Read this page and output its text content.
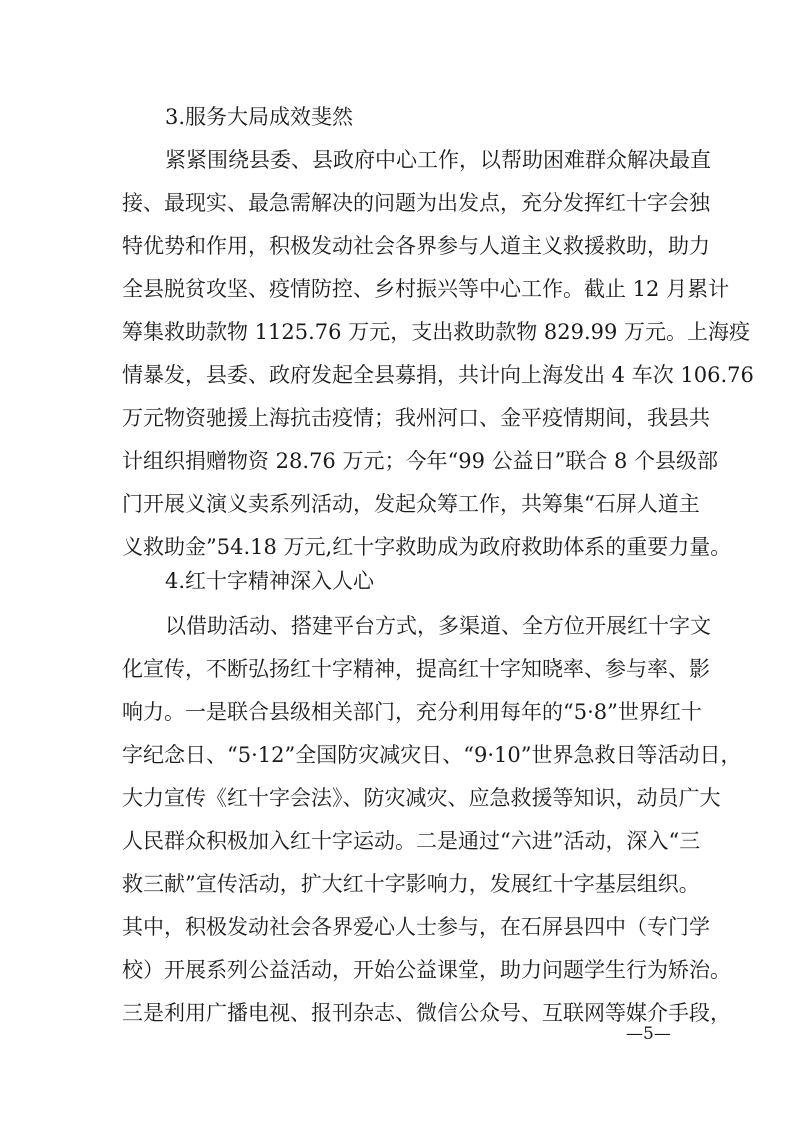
3.服务大局成效斐然

紧紧围绕县委、县政府中心工作，以帮助困难群众解决最直

接、最现实、最急需解决的问题为出发点，充分发挥红十字会独

特优势和作用，积极发动社会各界参与人道主义救援救助，助力

全县脱贫攻坚、疫情防控、乡村振兴等中心工作。截止 12 月累计

筹集救助款物 1125.76 万元，支出救助款物 829.99 万元。上海疫

情暴发，县委、政府发起全县募捐，共计向上海发出 4 车次 106.76

万元物资驰援上海抗击疫情；我州河口、金平疫情期间，我县共

计组织捐赠物资 28.76 万元；今年“99 公益日”联合 8 个县级部

门开展义演义卖系列活动，发起众筹工作，共筹集“石屏人道主

义救助金”54.18 万元,红十字救助成为政府救助体系的重要力量。

4.红十字精神深入人心

以借助活动、搭建平台方式，多渠道、全方位开展红十字文

化宣传，不断弘扬红十字精神，提高红十字知晓率、参与率、影

响力。一是联合县级相关部门，充分利用每年的“5·8”世界红十

字纪念日、“5·12”全国防灾减灾日、“9·10”世界急救日等活动日，

大力宣传《红十字会法》、防灾减灾、应急救援等知识，动员广大

人民群众积极加入红十字运动。二是通过“六进”活动，深入“三

救三献”宣传活动，扩大红十字影响力，发展红十字基层组织。

其中，积极发动社会各界爱心人士参与，在石屏县四中（专门学

校）开展系列公益活动，开始公益课堂，助力问题学生行为矫治。

三是利用广播电视、报刊杂志、微信公众号、互联网等媒介手段，

—5—
